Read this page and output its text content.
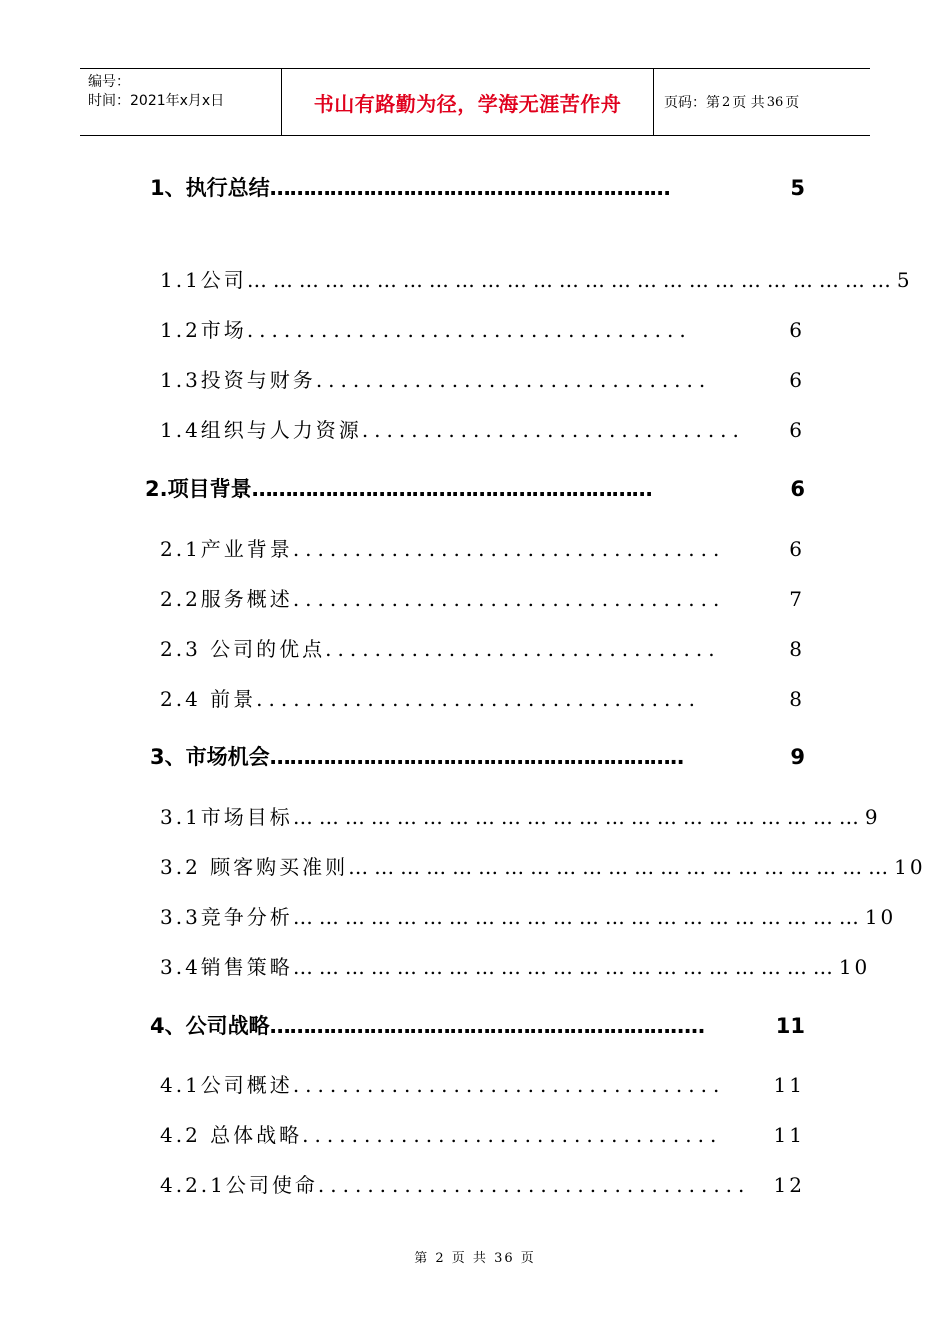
编号：
时间：2021年x月x日	书山有路勤为径，学海无涯苦作舟	页码：第 2 页 共 36 页
1、执行总结 ……………………………………………………	5
1.1公司 ………………………………………………………………… 5
1.2市场 ....................................	6
1.3投资与财务 ................................	6
1.4组织与人力资源 ...............................	6
2.项目背景 ……………………………………………………	6
2.1产业背景 ...................................	6
2.2服务概述 ...................................	7
2.3 公司的优点 ................................	8
2.4 前景 ....................................	8
3、市场机会 ……………………………………………………..	9
3.1市场目标 ………………………………………………………… 9
3.2 顾客购买准则 ……………………………………………………… 10
3.3竞争分析 ………………………………………………………… 10
3.4销售策略 ……………………………………………………… 10
4、公司战略 …………………………………………………….....	11
4.1公司概述 ...................................	11
4.2 总体战略 ..................................	11
4.2.1公司使命 ...................................	12
第 2 页 共 36 页
